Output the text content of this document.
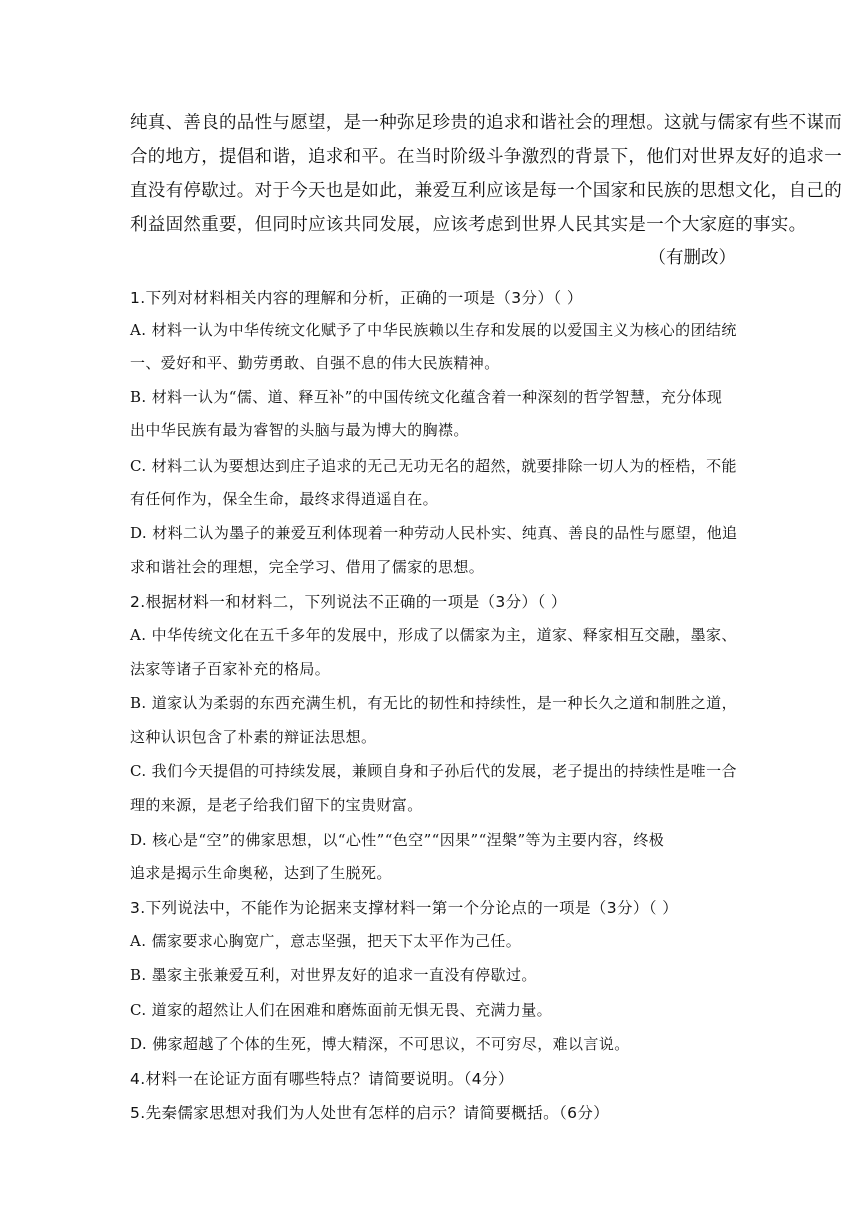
纯真、善良的品性与愿望，是一种弥足珍贵的追求和谐社会的理想。这就与儒家有些不谋而

合的地方，提倡和谐，追求和平。在当时阶级斗争激烈的背景下，他们对世界友好的追求一

直没有停歇过。对于今天也是如此，兼爱互利应该是每一个国家和民族的思想文化，自己的

利益固然重要，但同时应该共同发展，应该考虑到世界人民其实是一个大家庭的事实。

（有删改）
1.下列对材料相关内容的理解和分析，正确的一项是（3分）（ ）
A. 材料一认为中华传统文化赋予了中华民族赖以生存和发展的以爱国主义为核心的团结统
一、爱好和平、勤劳勇敢、自强不息的伟大民族精神。
B. 材料一认为“儒、道、释互补”的中国传统文化蕴含着一种深刻的哲学智慧，充分体现
出中华民族有最为睿智的头脑与最为博大的胸襟。
C. 材料二认为要想达到庄子追求的无己无功无名的超然，就要排除一切人为的桎梏，不能
有任何作为，保全生命，最终求得逍遥自在。
D. 材料二认为墨子的兼爱互利体现着一种劳动人民朴实、纯真、善良的品性与愿望，他追
求和谐社会的理想，完全学习、借用了儒家的思想。
2.根据材料一和材料二，下列说法不正确的一项是（3分）（ ）
A. 中华传统文化在五千多年的发展中，形成了以儒家为主，道家、释家相互交融，墨家、
法家等诸子百家补充的格局。
B. 道家认为柔弱的东西充满生机，有无比的韧性和持续性，是一种长久之道和制胜之道，
这种认识包含了朴素的辩证法思想。
C. 我们今天提倡的可持续发展，兼顾自身和子孙后代的发展，老子提出的持续性是唯一合
理的来源，是老子给我们留下的宝贵财富。
D. 核心是“空”的佛家思想，以“心性”“色空”“因果”“涅槃”等为主要内容，终极
追求是揭示生命奥秘，达到了生脱死。
3.下列说法中，不能作为论据来支撑材料一第一个分论点的一项是（3分）（ ）
A. 儒家要求心胸宽广，意志坚强，把天下太平作为己任。
B. 墨家主张兼爱互利，对世界友好的追求一直没有停歇过。
C. 道家的超然让人们在困难和磨炼面前无惧无畏、充满力量。
D. 佛家超越了个体的生死，博大精深，不可思议，不可穷尽，难以言说。
4.材料一在论证方面有哪些特点？请简要说明。（4分）
5.先秦儒家思想对我们为人处世有怎样的启示？请简要概括。（6分）
